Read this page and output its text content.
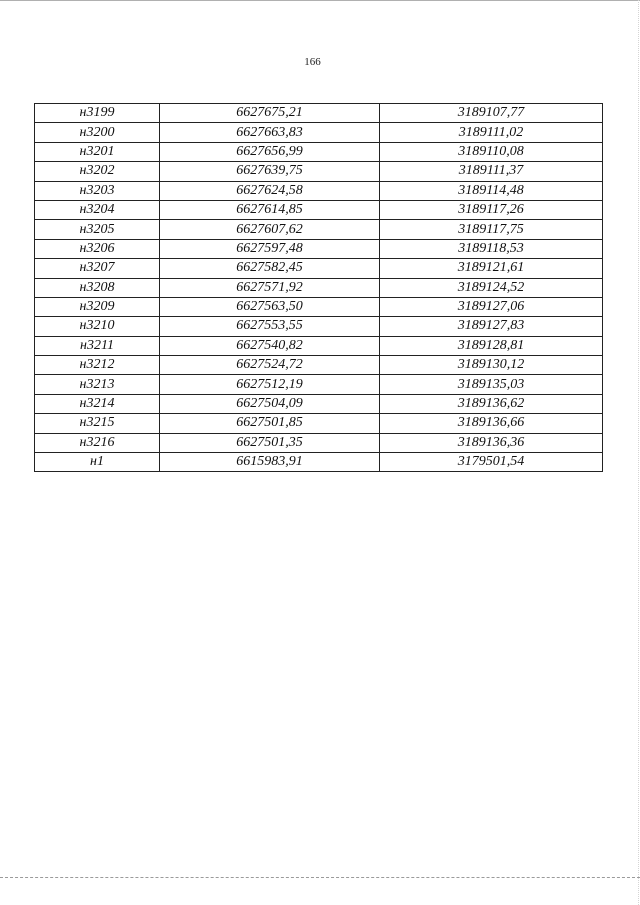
166
н3199	6627675,21	3189107,77
н3200	6627663,83	3189111,02
н3201	6627656,99	3189110,08
н3202	6627639,75	3189111,37
н3203	6627624,58	3189114,48
н3204	6627614,85	3189117,26
н3205	6627607,62	3189117,75
н3206	6627597,48	3189118,53
н3207	6627582,45	3189121,61
н3208	6627571,92	3189124,52
н3209	6627563,50	3189127,06
н3210	6627553,55	3189127,83
н3211	6627540,82	3189128,81
н3212	6627524,72	3189130,12
н3213	6627512,19	3189135,03
н3214	6627504,09	3189136,62
н3215	6627501,85	3189136,66
н3216	6627501,35	3189136,36
н1	6615983,91	3179501,54
